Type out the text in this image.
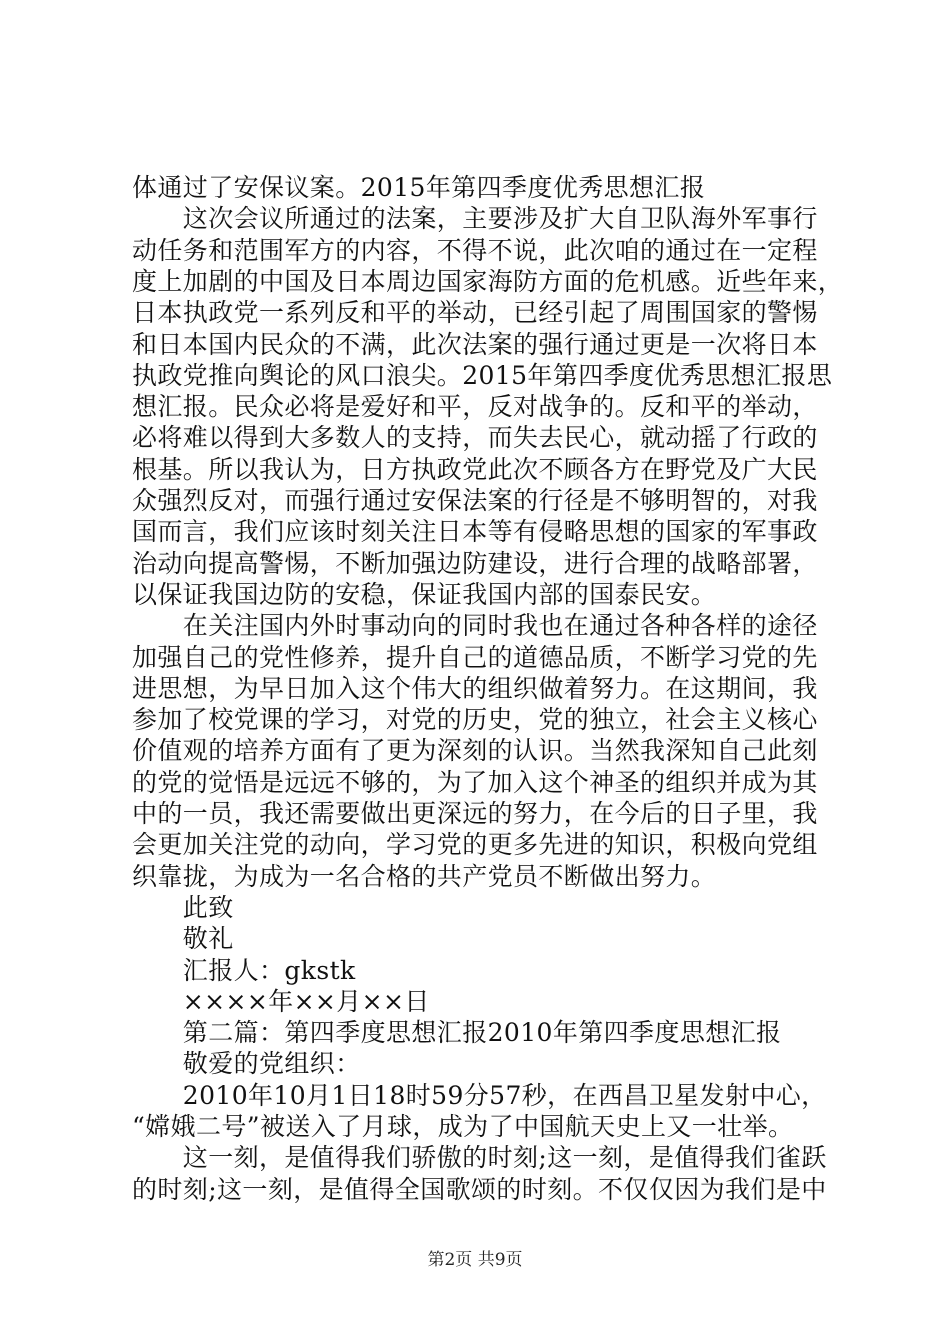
体通过了安保议案。2015年第四季度优秀思想汇报
　　这次会议所通过的法案，主要涉及扩大自卫队海外军事行
动任务和范围军方的内容，不得不说，此次咱的通过在一定程
度上加剧的中国及日本周边国家海防方面的危机感。近些年来，
日本执政党一系列反和平的举动，已经引起了周围国家的警惕
和日本国内民众的不满，此次法案的强行通过更是一次将日本
执政党推向舆论的风口浪尖。2015年第四季度优秀思想汇报思
想汇报。民众必将是爱好和平，反对战争的。反和平的举动，
必将难以得到大多数人的支持，而失去民心，就动摇了行政的
根基。所以我认为，日方执政党此次不顾各方在野党及广大民
众强烈反对，而强行通过安保法案的行径是不够明智的，对我
国而言，我们应该时刻关注日本等有侵略思想的国家的军事政
治动向提高警惕，不断加强边防建设，进行合理的战略部署，
以保证我国边防的安稳，保证我国内部的国泰民安。
　　在关注国内外时事动向的同时我也在通过各种各样的途径
加强自己的党性修养，提升自己的道德品质，不断学习党的先
进思想，为早日加入这个伟大的组织做着努力。在这期间，我
参加了校党课的学习，对党的历史，党的独立，社会主义核心
价值观的培养方面有了更为深刻的认识。当然我深知自己此刻
的党的觉悟是远远不够的，为了加入这个神圣的组织并成为其
中的一员，我还需要做出更深远的努力，在今后的日子里，我
会更加关注党的动向，学习党的更多先进的知识，积极向党组
织靠拢，为成为一名合格的共产党员不断做出努力。
　　此致
　　敬礼
　　汇报人：gkstk
　　××××年××月××日
　　第二篇：第四季度思想汇报2010年第四季度思想汇报
　　敬爱的党组织：
　　2010年10月1日18时59分57秒，在西昌卫星发射中心，
“嫦娥二号”被送入了月球，成为了中国航天史上又一壮举。
　　这一刻，是值得我们骄傲的时刻;这一刻，是值得我们雀跃
的时刻;这一刻，是值得全国歌颂的时刻。不仅仅因为我们是中
第2页 共9页
